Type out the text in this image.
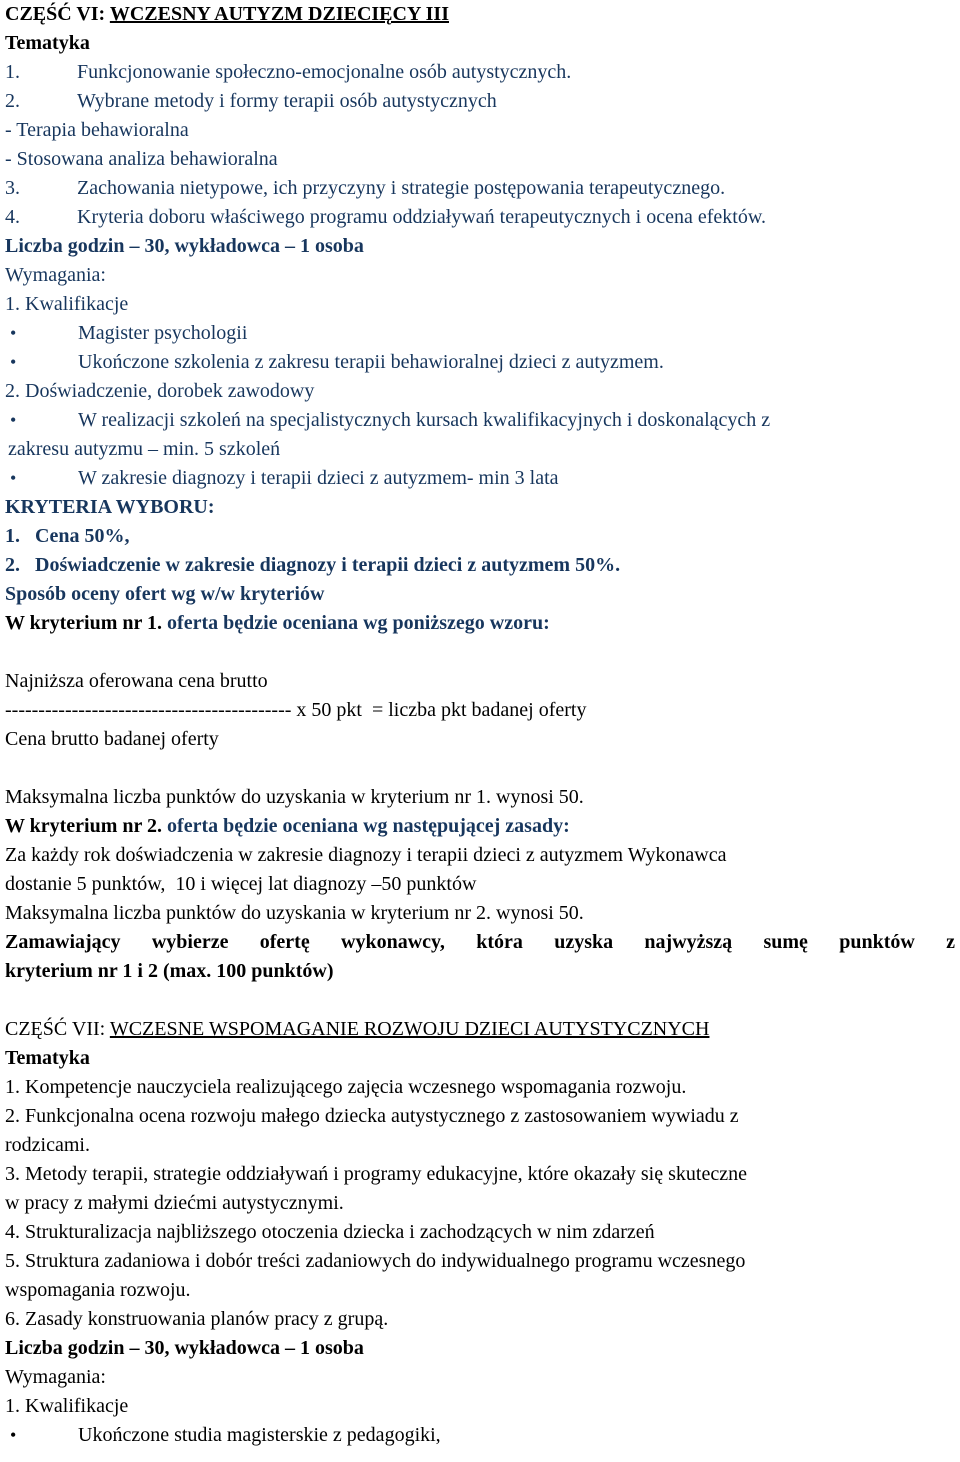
CZĘŚĆ VI: WCZESNY AUTYZM DZIECIĘCY III
Tematyka
1.	Funkcjonowanie społeczno-emocjonalne osób autystycznych.
2.	Wybrane metody i formy terapii osób autystycznych
- Terapia behawioralna
- Stosowana analiza behawioralna
3.	Zachowania nietypowe, ich przyczyny i strategie postępowania terapeutycznego.
4.	Kryteria doboru właściwego programu oddziaływań terapeutycznych i ocena efektów.
Liczba godzin – 30, wykładowca – 1 osoba
Wymagania:
1. Kwalifikacje
•Magister psychologii
•Ukończone szkolenia z zakresu terapii behawioralnej dzieci z autyzmem.
2. Doświadczenie, dorobek zawodowy
•W realizacji szkoleń na specjalistycznych kursach kwalifikacyjnych i doskonalących z
zakresu autyzmu – min. 5 szkoleń
•W zakresie diagnozy i terapii dzieci z autyzmem- min 3 lata
KRYTERIA WYBORU:
1.   Cena 50%,
2.   Doświadczenie w zakresie diagnozy i terapii dzieci z autyzmem 50%.
Sposób oceny ofert wg w/w kryteriów
W kryterium nr 1. oferta będzie oceniana wg poniższego wzoru:
Najniższa oferowana cena brutto
------------------------------------------- x 50 pkt  = liczba pkt badanej oferty
Cena brutto badanej oferty
Maksymalna liczba punktów do uzyskania w kryterium nr 1. wynosi 50.
W kryterium nr 2. oferta będzie oceniana wg następującej zasady:
Za każdy rok doświadczenia w zakresie diagnozy i terapii dzieci z autyzmem Wykonawca
dostanie 5 punktów,  10 i więcej lat diagnozy –50 punktów
Maksymalna liczba punktów do uzyskania w kryterium nr 2. wynosi 50.
Zamawiający wybierze ofertę wykonawcy, która uzyska najwyższą sumę punktów z
kryterium nr 1 i 2 (max. 100 punktów)
CZĘŚĆ VII: WCZESNE WSPOMAGANIE ROZWOJU DZIECI AUTYSTYCZNYCH
Tematyka
1. Kompetencje nauczyciela realizującego zajęcia wczesnego wspomagania rozwoju.
2. Funkcjonalna ocena rozwoju małego dziecka autystycznego z zastosowaniem wywiadu z
rodzicami.
3. Metody terapii, strategie oddziaływań i programy edukacyjne, które okazały się skuteczne
w pracy z małymi dziećmi autystycznymi.
4. Strukturalizacja najbliższego otoczenia dziecka i zachodzących w nim zdarzeń
5. Struktura zadaniowa i dobór treści zadaniowych do indywidualnego programu wczesnego
wspomagania rozwoju.
6. Zasady konstruowania planów pracy z grupą.
Liczba godzin – 30, wykładowca – 1 osoba
Wymagania:
1. Kwalifikacje
•Ukończone studia magisterskie z pedagogiki,
